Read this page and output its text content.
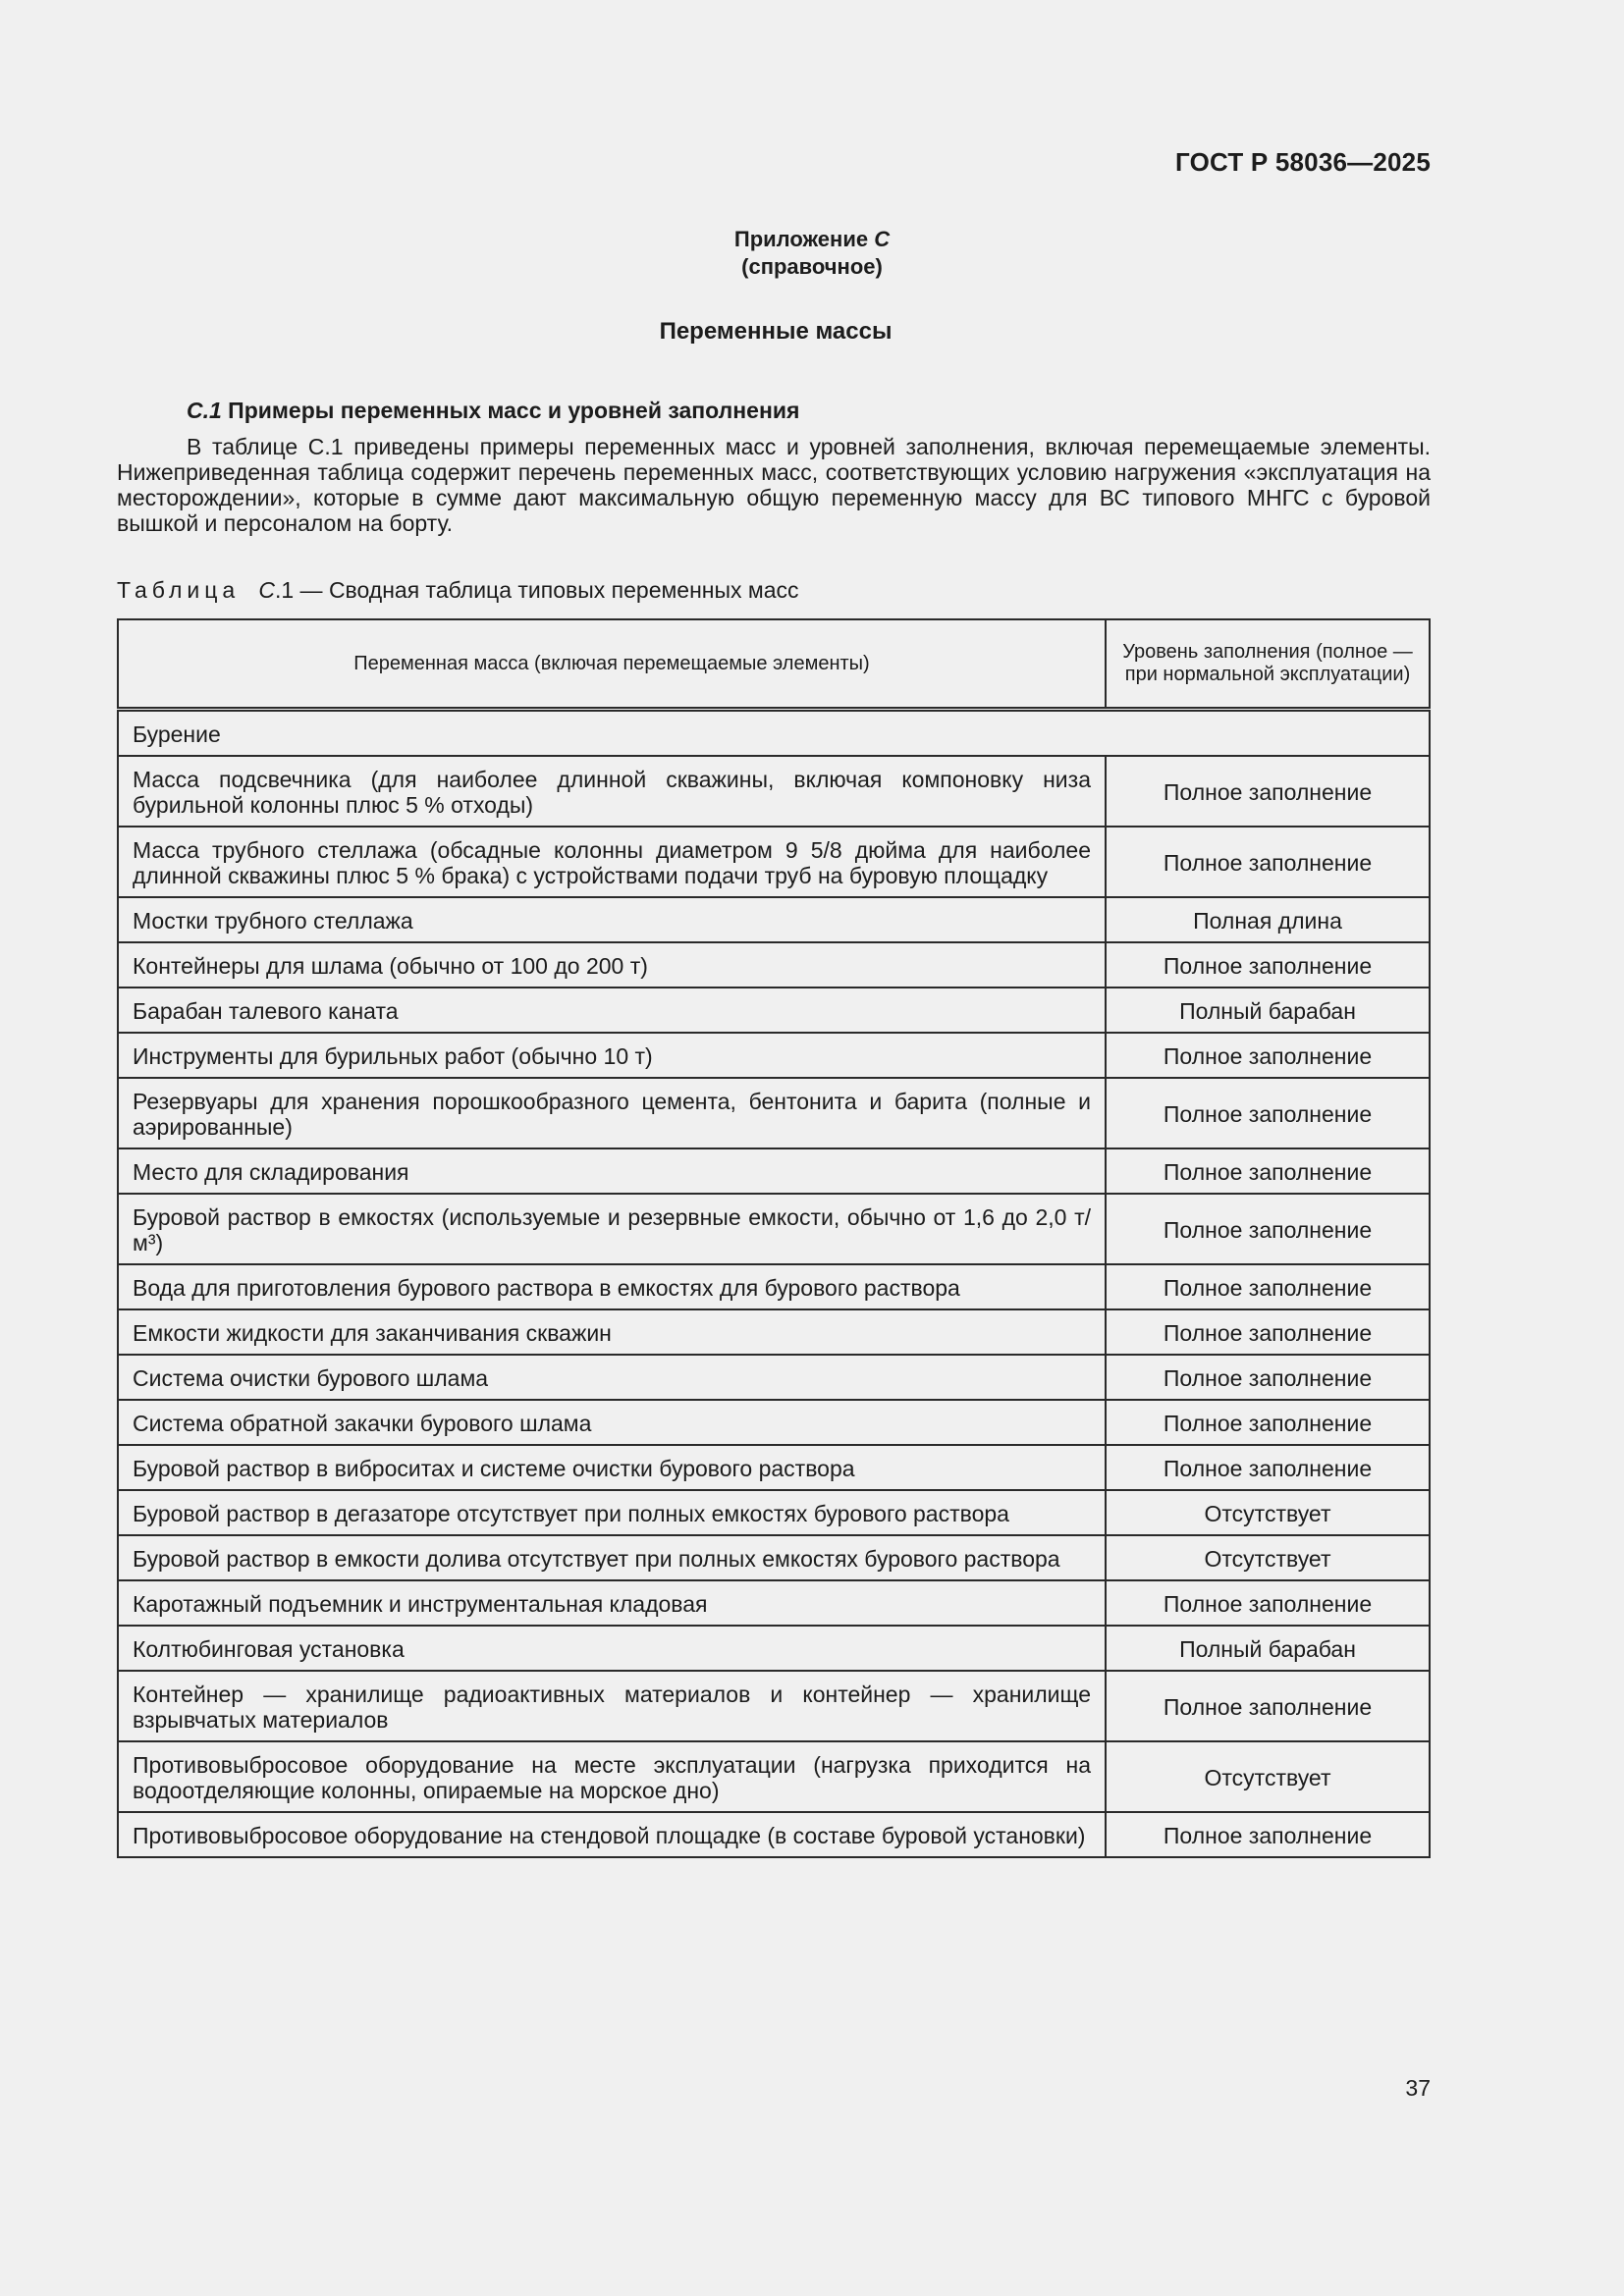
ГОСТ Р 58036—2025
Приложение С
(справочное)
Переменные массы
С.1 Примеры переменных масс и уровней заполнения
В таблице С.1 приведены примеры переменных масс и уровней заполнения, включая перемещаемые элементы. Нижеприведенная таблица содержит перечень переменных масс, соответствующих условию нагружения «эксплуатация на месторождении», которые в сумме дают максимальную общую переменную массу для ВС типового МНГС с буровой вышкой и персоналом на борту.
Таблица С.1 — Сводная таблица типовых переменных масс
Переменная масса (включая перемещаемые элементы)	Уровень заполнения (полное — при нормальной эксплуатации)
Бурение	
Масса подсвечника (для наиболее длинной скважины, включая компоновку низа бурильной колонны плюс 5 % отходы)	Полное заполнение
Масса трубного стеллажа (обсадные колонны диаметром 9 5/8 дюйма для наиболее длинной скважины плюс 5 % брака) с устройствами подачи труб на буровую площадку	Полное заполнение
Мостки трубного стеллажа	Полная длина
Контейнеры для шлама (обычно от 100 до 200 т)	Полное заполнение
Барабан талевого каната	Полный барабан
Инструменты для бурильных работ (обычно 10 т)	Полное заполнение
Резервуары для хранения порошкообразного цемента, бентонита и барита (полные и аэрированные)	Полное заполнение
Место для складирования	Полное заполнение
Буровой раствор в емкостях (используемые и резервные емкости, обычно от 1,6 до 2,0 т/м³)	Полное заполнение
Вода для приготовления бурового раствора в емкостях для бурового раствора	Полное заполнение
Емкости жидкости для заканчивания скважин	Полное заполнение
Система очистки бурового шлама	Полное заполнение
Система обратной закачки бурового шлама	Полное заполнение
Буровой раствор в виброситах и системе очистки бурового раствора	Полное заполнение
Буровой раствор в дегазаторе отсутствует при полных емкостях бурового раствора	Отсутствует
Буровой раствор в емкости долива отсутствует при полных емкостях бурового раствора	Отсутствует
Каротажный подъемник и инструментальная кладовая	Полное заполнение
Колтюбинговая установка	Полный барабан
Контейнер — хранилище радиоактивных материалов и контейнер — хранилище взрывчатых материалов	Полное заполнение
Противовыбросовое оборудование на месте эксплуатации (нагрузка приходится на водоотделяющие колонны, опираемые на морское дно)	Отсутствует
Противовыбросовое оборудование на стендовой площадке (в составе буровой установки)	Полное заполнение
37
